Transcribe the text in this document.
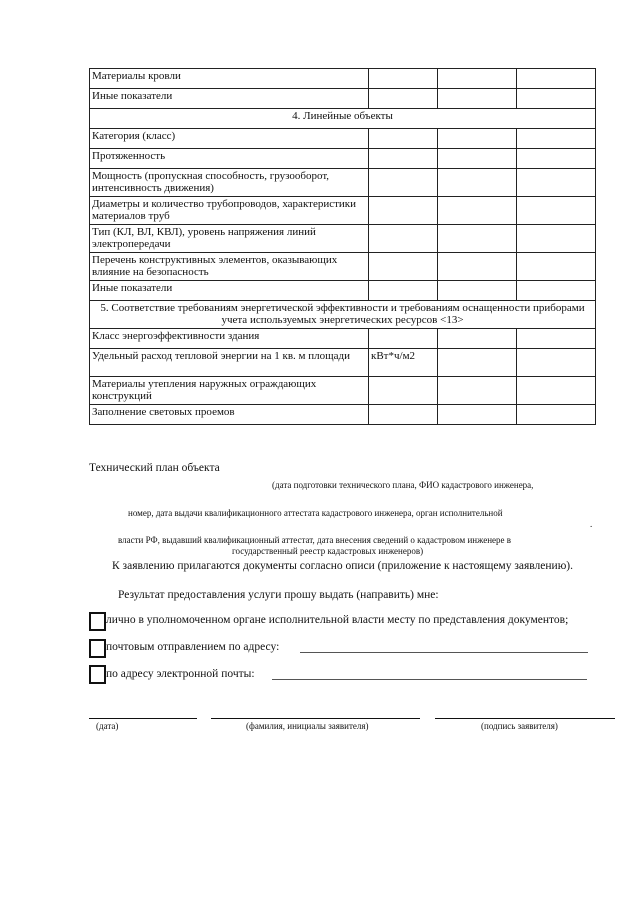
Материалы кровли			
Иные показатели			
4. Линейные объекты			
Категория (класс)			
Протяженность			
Мощность (пропускная способность, грузооборот, интенсивность движения)			
Диаметры и количество трубопроводов, характеристики материалов труб			
Тип (КЛ, ВЛ, КВЛ), уровень напряжения линий электропередачи			
Перечень конструктивных элементов, оказывающих влияние на безопасность			
Иные показатели			
5. Соответствие требованиям энергетической эффективности и требованиям оснащенности приборами учета используемых энергетических ресурсов <13>			
Класс энергоэффективности здания			
Удельный расход тепловой энергии на 1 кв. м площади	кВт*ч/м2		
Материалы утепления наружных ограждающих конструкций			
Заполнение световых проемов			
Технический план объекта
(дата подготовки технического плана, ФИО кадастрового инженера,
номер, дата выдачи квалификационного аттестата кадастрового инженера, орган исполнительной
.
власти РФ, выдавший квалификационный аттестат, дата внесения сведений о кадастровом инженере в
государственный реестр кадастровых инженеров)
К заявлению прилагаются документы согласно описи (приложение к настоящему заявлению).
Результат предоставления услуги прошу выдать (направить) мне:
лично в уполномоченном органе исполнительной власти месту по представления документов;
почтовым отправлением по адресу:
по адресу электронной почты:
(дата)	(фамилия, инициалы заявителя)	(подпись заявителя)
